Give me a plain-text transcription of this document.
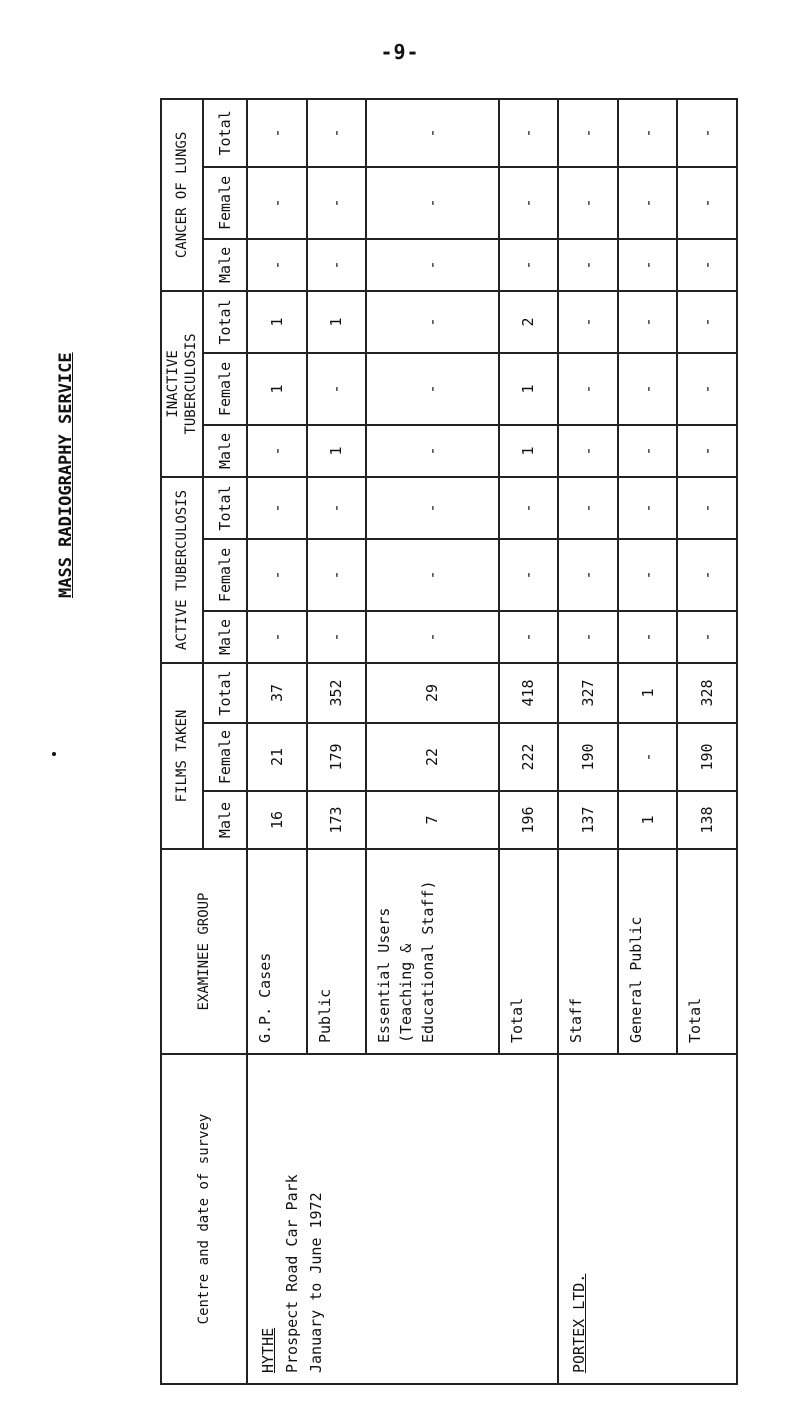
-9-
MASS RADIOGRAPHY SERVICE
Centre and date of survey	EXAMINEE GROUP	FILMS TAKEN			ACTIVE TUBERCULOSIS			INACTIVE TUBERCULOSIS			CANCER OF LUNGS		
		Male	Female	Total	Male	Female	Total	Male	Female	Total	Male	Female	Total

HYTHE Prospect Road Car Park January to June 1972	G.P. Cases	16	21	37	-	-	-	-	1	1	-	-	-
	Public	173	179	352	-	-	-	1	-	1	-	-	-
	Essential Users (Teaching & Educational Staff)	7	22	29	-	-	-	-	-	-	-	-	-
	Total	196	222	418	-	-	-	1	1	2	-	-	-

PORTEX LTD.	Staff	137	190	327	-	-	-	-	-	-	-	-	-
	General Public	1	-	1	-	-	-	-	-	-	-	-	-
	Total	138	190	328	-	-	-	-	-	-	-	-	-
